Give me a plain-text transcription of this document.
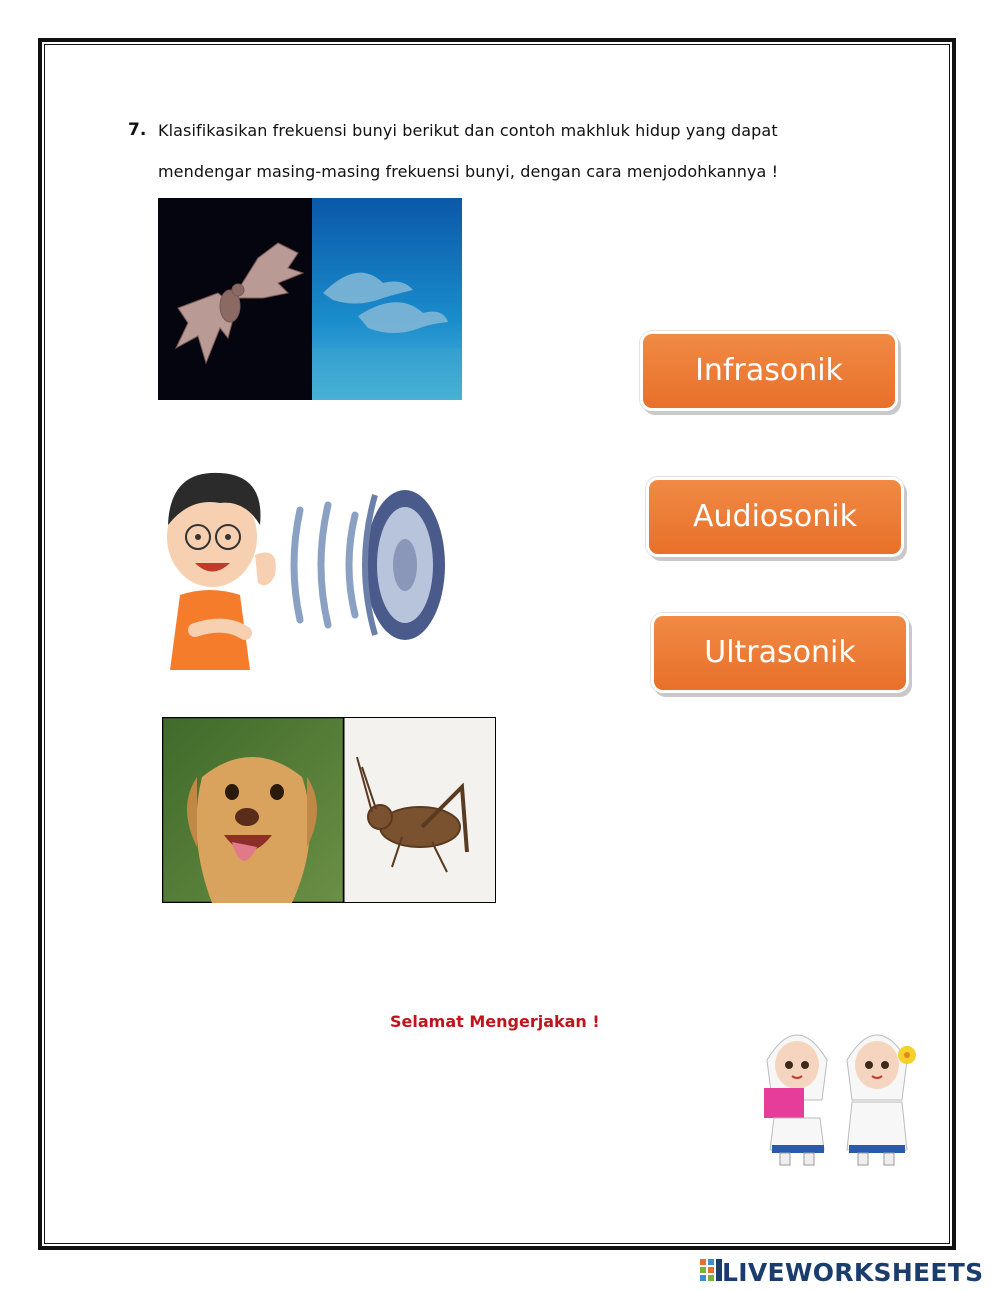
7. Klasifikasikan frekuensi bunyi berikut dan contoh makhluk hidup yang dapat
mendengar masing-masing frekuensi bunyi, dengan cara menjodohkannya !
Infrasonik
Audiosonik
Ultrasonik
Selamat Mengerjakan !
LIVEWORKSHEETS
